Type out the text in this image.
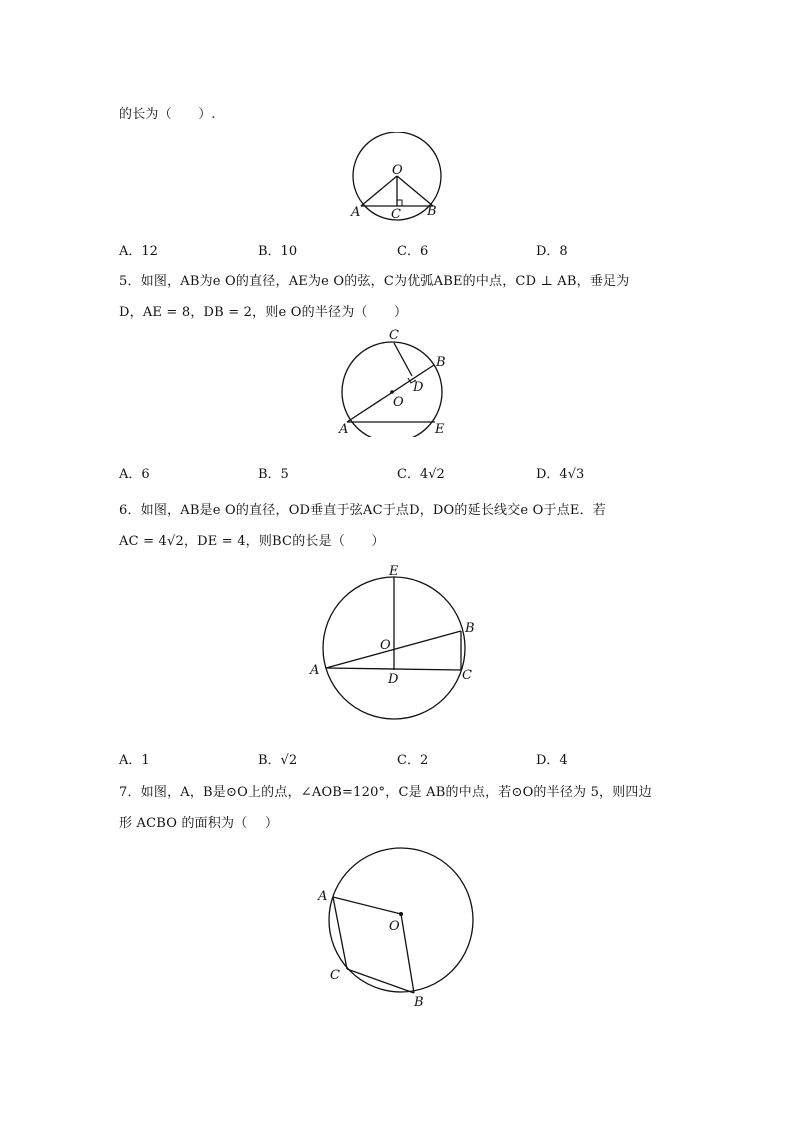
的长为（　　）.
O
A C B
A．12	B．10	C．6	D．8
5．如图，AB为e O的直径，AE为e O的弦，C为优弧ABE的中点，CD ⊥ AB，垂足为
D，AE = 8，DB = 2，则e O的半径为（　　）
C
B
D
O
A	E
A．6	B．5	C．4√2	D．4√3
6．如图，AB是e O的直径，OD垂直于弦AC于点D，DO的延长线交e O于点E．若
AC = 4√2，DE = 4，则BC的长是（　　）
E
B
O
A
D	C
A．1	B．√2	C．2	D．4
7．如图，A，B是⊙O上的点，∠AOB=120°，C是 AB的中点，若⊙O的半径为 5，则四边
形 ACBO 的面积为（　 ）
A
O
C
B
